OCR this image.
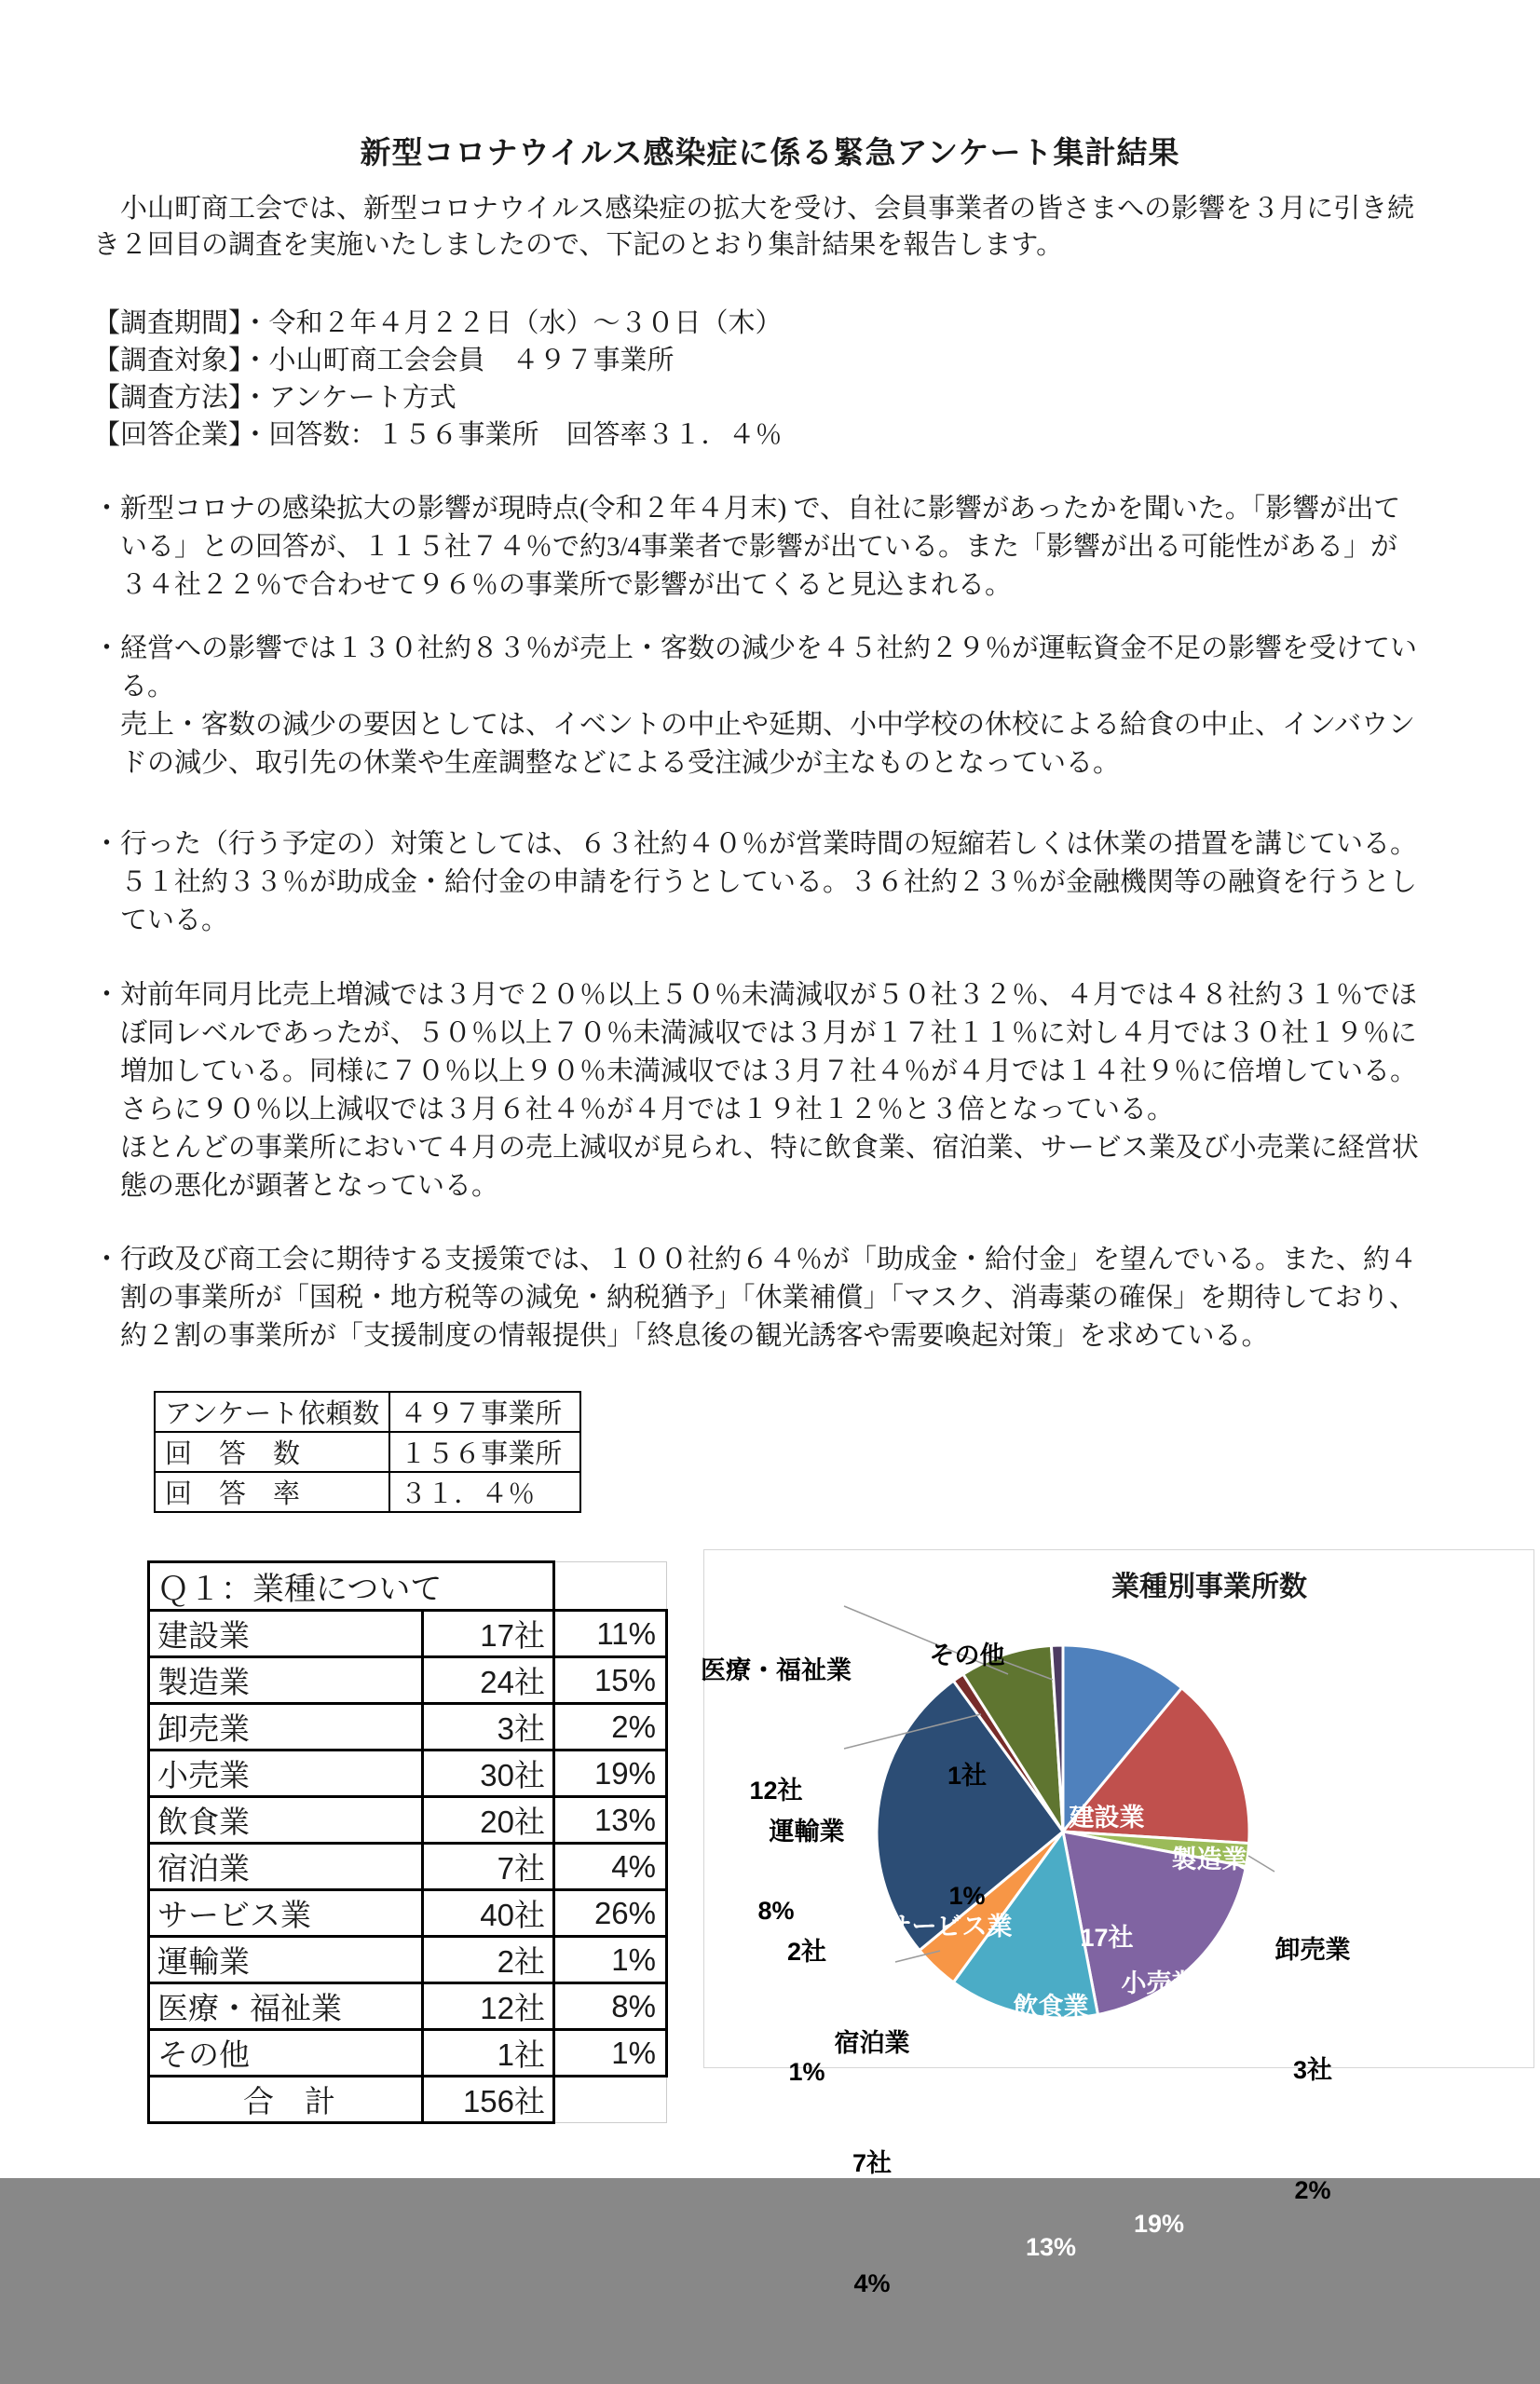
新型コロナウイルス感染症に係る緊急アンケート集計結果
　小山町商工会では、新型コロナウイルス感染症の拡大を受け、会員事業者の皆さまへの影響を３月に引き続
き２回目の調査を実施いたしましたので、下記のとおり集計結果を報告します。
【調査期間】・令和２年４月２２日（水）～３０日（木）
【調査対象】・小山町商工会会員　４９７事業所
【調査方法】・アンケート方式
【回答企業】・回答数：１５６事業所　回答率３１．４％
・新型コロナの感染拡大の影響が現時点(令和２年４月末) で、自社に影響があったかを聞いた。「影響が出て
いる」との回答が、１１５社７４％で約3/4事業者で影響が出ている。また「影響が出る可能性がある」が
３４社２２％で合わせて９６％の事業所で影響が出てくると見込まれる。
・経営への影響では１３０社約８３％が売上・客数の減少を４５社約２９％が運転資金不足の影響を受けてい
る。
売上・客数の減少の要因としては、イベントの中止や延期、小中学校の休校による給食の中止、インバウン
ドの減少、取引先の休業や生産調整などによる受注減少が主なものとなっている。
・行った（行う予定の）対策としては、６３社約４０％が営業時間の短縮若しくは休業の措置を講じている。
５１社約３３％が助成金・給付金の申請を行うとしている。３６社約２３％が金融機関等の融資を行うとし
ている。
・対前年同月比売上増減では３月で２０％以上５０％未満減収が５０社３２％、４月では４８社約３１％でほ
ぼ同レベルであったが、５０％以上７０％未満減収では３月が１７社１１％に対し４月では３０社１９％に
増加している。同様に７０％以上９０％未満減収では３月７社４％が４月では１４社９％に倍増している。
さらに９０％以上減収では３月６社４％が４月では１９社１２％と３倍となっている。
ほとんどの事業所において４月の売上減収が見られ、特に飲食業、宿泊業、サービス業及び小売業に経営状
態の悪化が顕著となっている。
・行政及び商工会に期待する支援策では、１００社約６４％が「助成金・給付金」を望んでいる。また、約４
割の事業所が「国税・地方税等の減免・納税猶予」「休業補償」「マスク、消毒薬の確保」を期待しており、
約２割の事業所が「支援制度の情報提供」「終息後の観光誘客や需要喚起対策」を求めている。
アンケート依頼数	４９７事業所
回　答　数	１５６事業所
回　答　率	３１．４％
Ｑ１：業種について		
建設業	17社	11%
製造業	24社	15%
卸売業	3社	2%
小売業	30社	19%
飲食業	20社	13%
宿泊業	7社	4%
サービス業	40社	26%
運輸業	2社	1%
医療・福祉業	12社	8%
その他	1社	1%
合　計	156社	
業種別事業所数

その他

1社

1%

医療・福祉業

12社

8%

運輸業

2社

1%

宿泊業

7社

4%

卸売業

3社

2%

建設業

17社

11%

製造業

24社

15%

サービス業

40社

26%

小売業

30社

19%

飲食業

20社

13%
